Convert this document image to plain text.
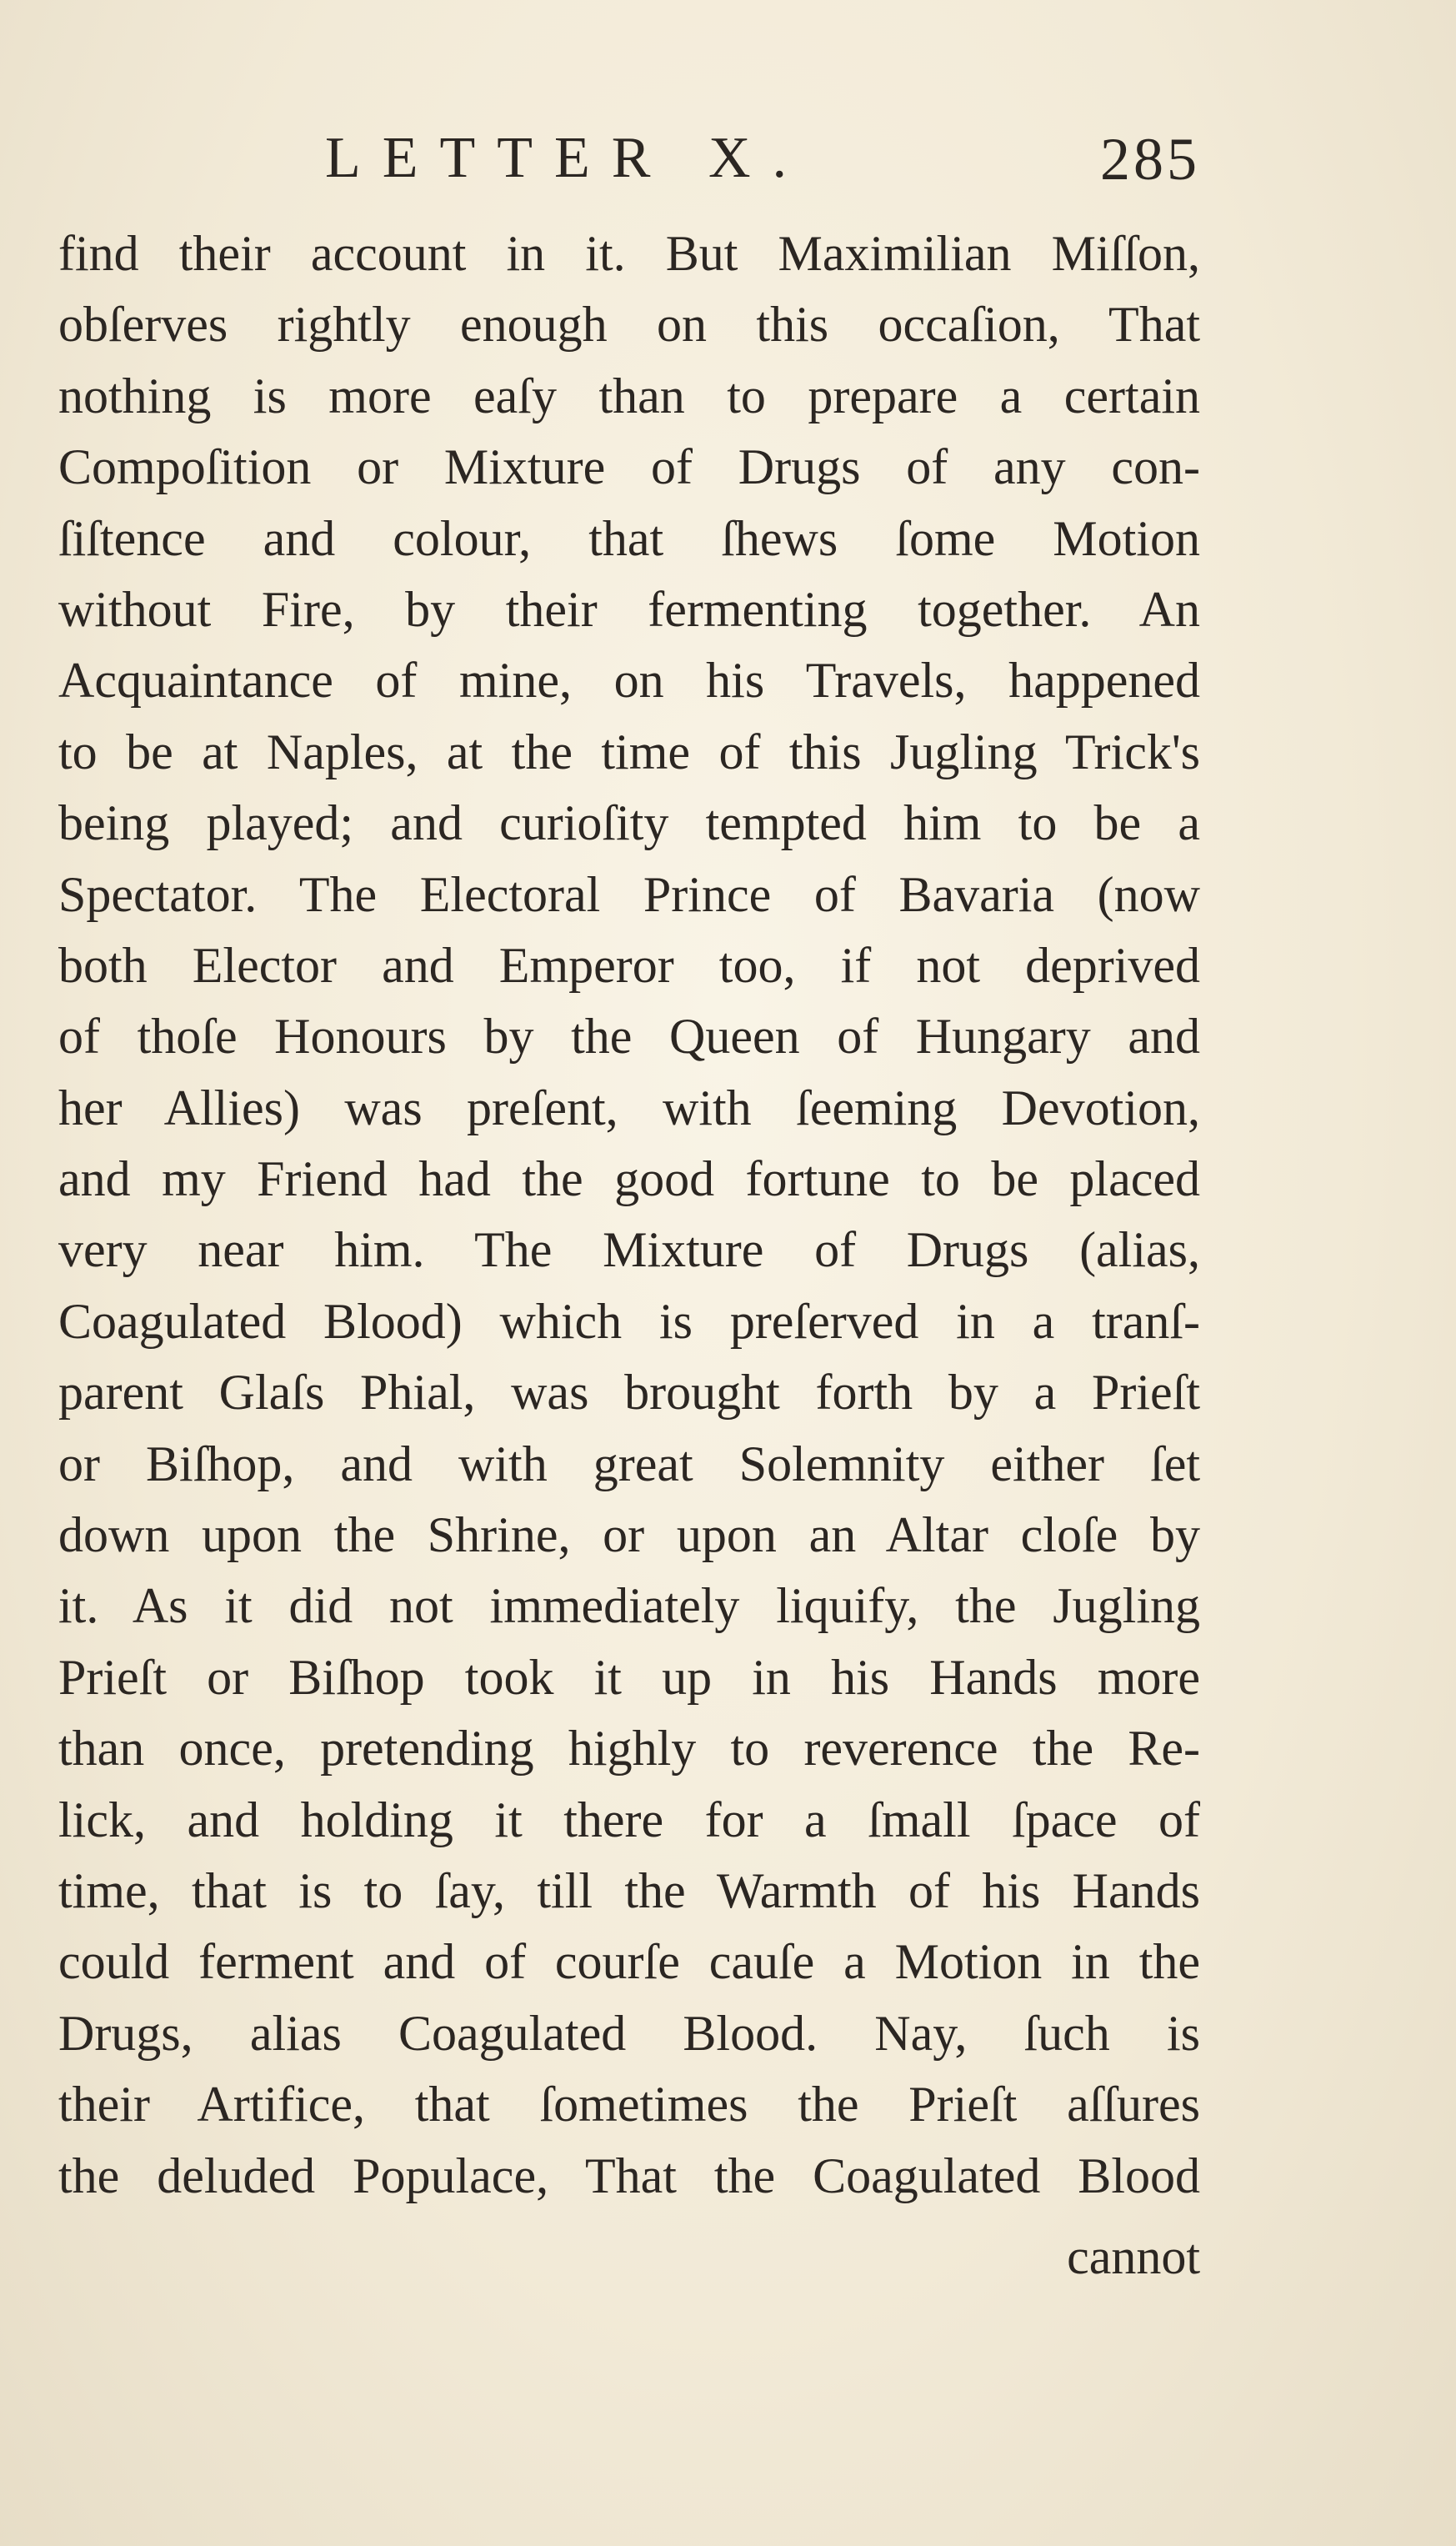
LETTER X.	285
find their account in it. But Maximilian Miſſon,
obſerves rightly enough on this occaſion, That
nothing is more eaſy than to prepare a certain
Compoſition or Mixture of Drugs of any con-
ſiſtence and colour, that ſhews ſome Motion
without Fire, by their fermenting together. An
Acquaintance of mine, on his Travels, happened
to be at Naples, at the time of this Jugling Trick's
being played; and curioſity tempted him to be a
Spectator. The Electoral Prince of Bavaria (now
both Elector and Emperor too, if not deprived
of thoſe Honours by the Queen of Hungary and
her Allies) was preſent, with ſeeming Devotion,
and my Friend had the good fortune to be placed
very near him. The Mixture of Drugs (alias,
Coagulated Blood) which is preſerved in a tranſ-
parent Glaſs Phial, was brought forth by a Prieſt
or Biſhop, and with great Solemnity either ſet
down upon the Shrine, or upon an Altar cloſe by
it. As it did not immediately liquify, the Jugling
Prieſt or Biſhop took it up in his Hands more
than once, pretending highly to reverence the Re-
lick, and holding it there for a ſmall ſpace of
time, that is to ſay, till the Warmth of his Hands
could ferment and of courſe cauſe a Motion in the
Drugs, alias Coagulated Blood. Nay, ſuch is
their Artifice, that ſometimes the Prieſt aſſures
the deluded Populace, That the Coagulated Blood
cannot
